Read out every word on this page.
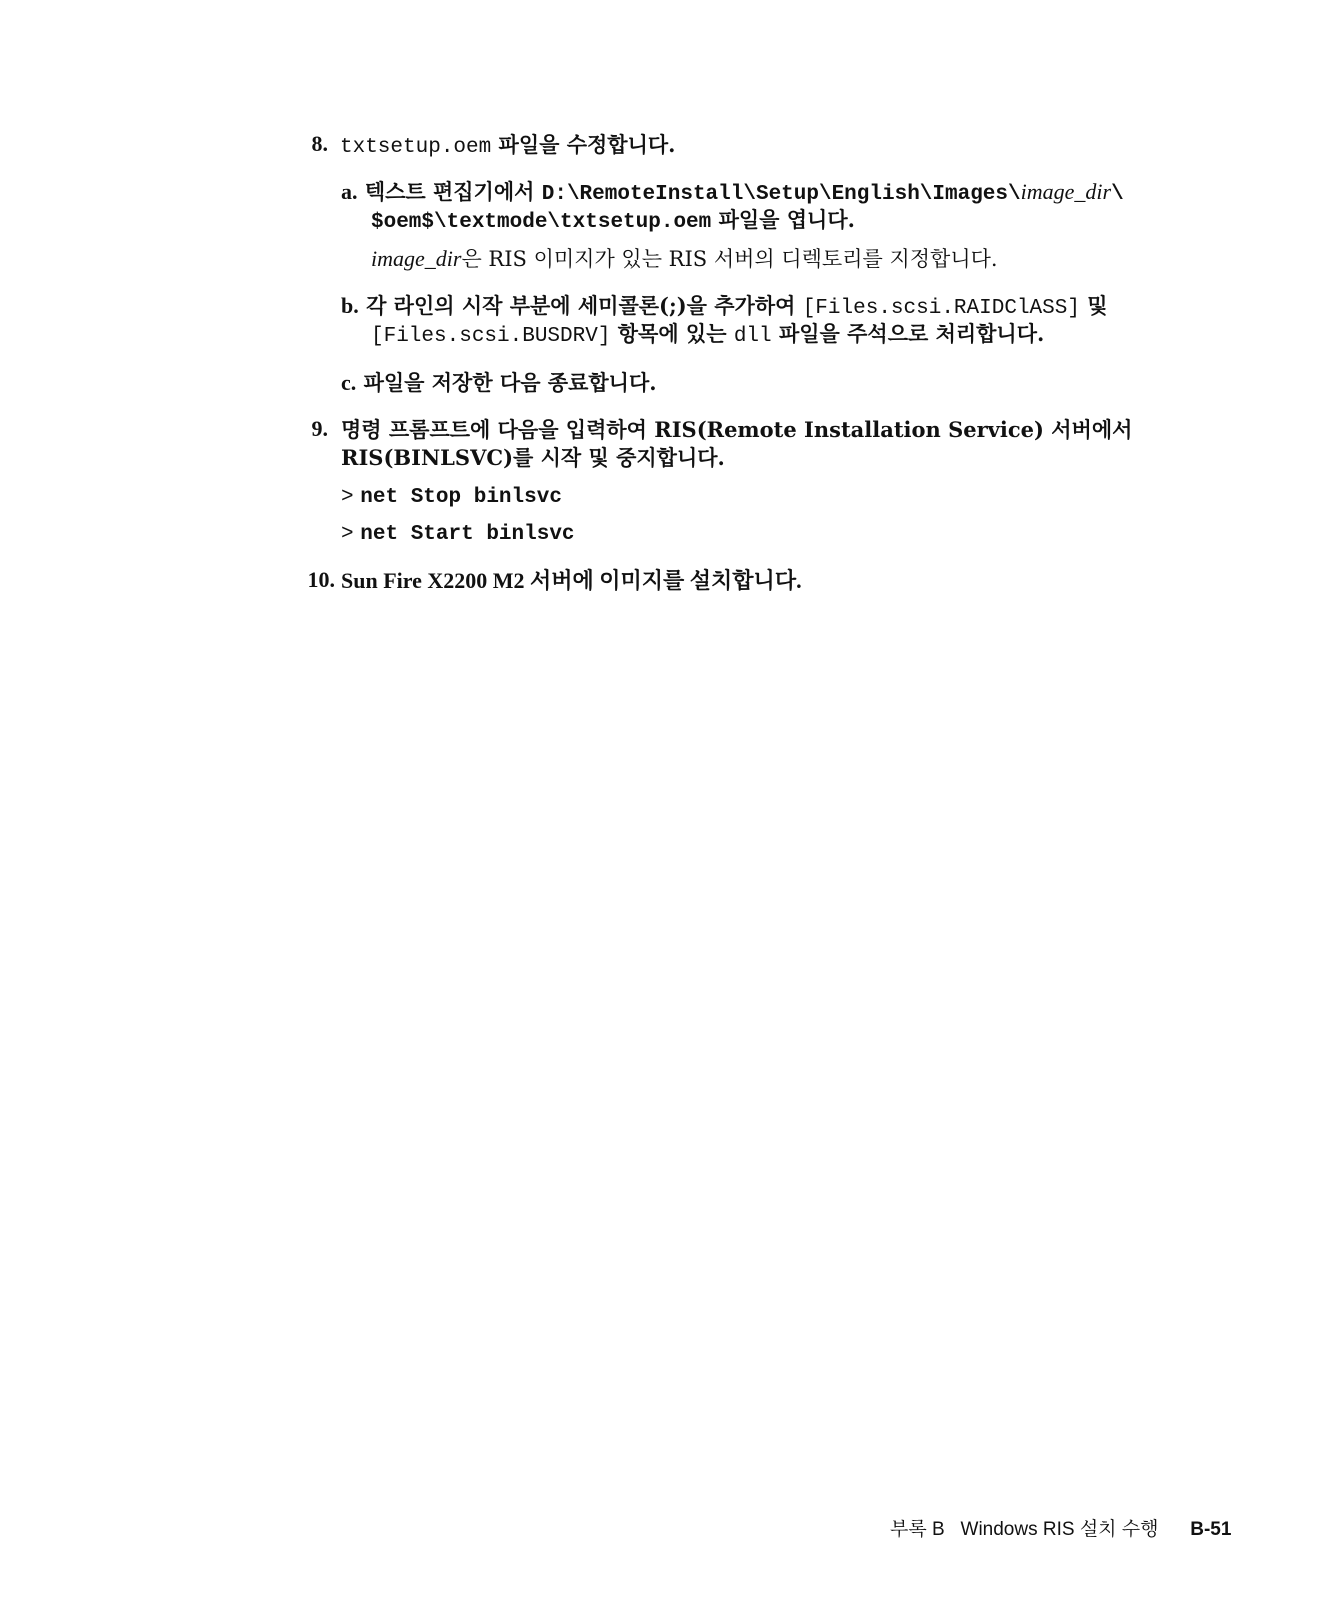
8. txtsetup.oem 파일을 수정합니다.
a. 텍스트 편집기에서 D:\RemoteInstall\Setup\English\Images\image_dir\
$oem$\textmode\txtsetup.oem 파일을 엽니다.
image_dir은 RIS 이미지가 있는 RIS 서버의 디렉토리를 지정합니다.
b. 각 라인의 시작 부분에 세미콜론(;)을 추가하여 [Files.scsi.RAIDClASS] 및
[Files.scsi.BUSDRV] 항목에 있는 dll 파일을 주석으로 처리합니다.
c. 파일을 저장한 다음 종료합니다.
9. 명령 프롬프트에 다음을 입력하여 RIS(Remote Installation Service) 서버에서
RIS(BINLSVC)를 시작 및 중지합니다.
> net Stop binlsvc
> net Start binlsvc
10. Sun Fire X2200 M2 서버에 이미지를 설치합니다.
부록 B Windows RIS 설치 수행 B-51
